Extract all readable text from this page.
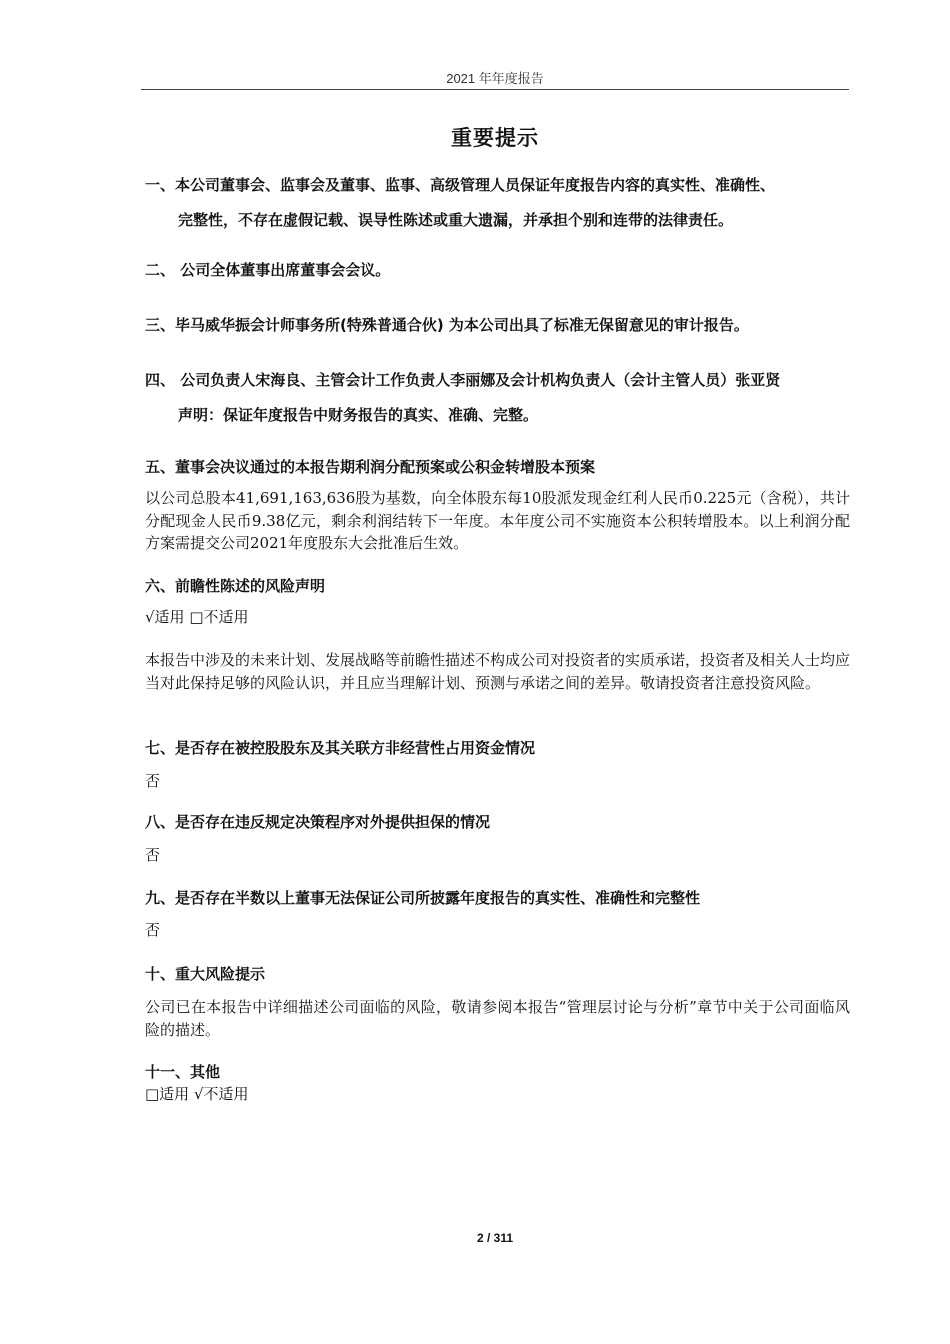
2021 年年度报告
重要提示
一、本公司董事会、监事会及董事、监事、高级管理人员保证年度报告内容的真实性、准确性、
完整性，不存在虚假记载、误导性陈述或重大遗漏，并承担个别和连带的法律责任。
二、 公司全体董事出席董事会会议。
三、毕马威华振会计师事务所(特殊普通合伙) 为本公司出具了标准无保留意见的审计报告。
四、 公司负责人宋海良、主管会计工作负责人李丽娜及会计机构负责人（会计主管人员）张亚贤
声明：保证年度报告中财务报告的真实、准确、完整。
五、董事会决议通过的本报告期利润分配预案或公积金转增股本预案
以公司总股本41,691,163,636股为基数，向全体股东每10股派发现金红利人民币0.225元（含税），共计分配现金人民币9.38亿元，剩余利润结转下一年度。本年度公司不实施资本公积转增股本。以上利润分配方案需提交公司2021年度股东大会批准后生效。
六、前瞻性陈述的风险声明
√适用 □不适用
本报告中涉及的未来计划、发展战略等前瞻性描述不构成公司对投资者的实质承诺，投资者及相关人士均应当对此保持足够的风险认识，并且应当理解计划、预测与承诺之间的差异。敬请投资者注意投资风险。
七、是否存在被控股股东及其关联方非经营性占用资金情况
否
八、是否存在违反规定决策程序对外提供担保的情况
否
九、是否存在半数以上董事无法保证公司所披露年度报告的真实性、准确性和完整性
否
十、重大风险提示
公司已在本报告中详细描述公司面临的风险，敬请参阅本报告“管理层讨论与分析”章节中关于公司面临风险的描述。
十一、其他
□适用 √不适用
2 / 311
